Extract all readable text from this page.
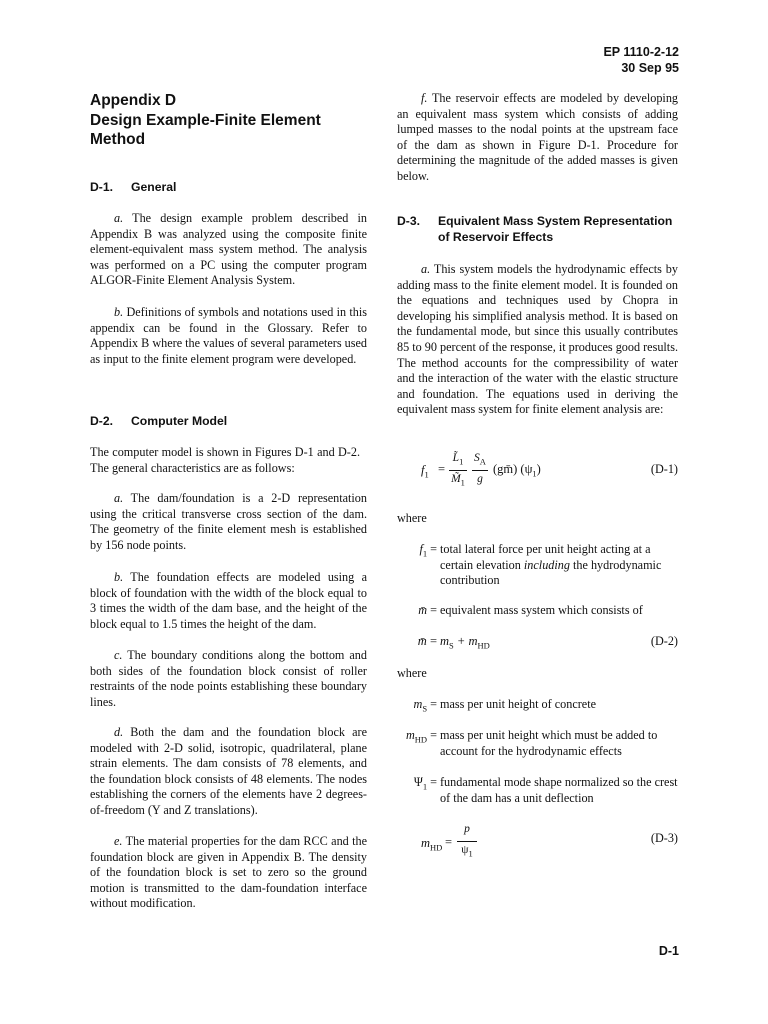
EP 1110-2-12
30 Sep 95
Appendix D
Design Example-Finite Element
Method
D-1. General

a. The design example problem described in Appendix B was analyzed using the composite finite element-equivalent mass system method. The analysis was performed on a PC using the computer program ALGOR-Finite Element Analysis System.

b. Definitions of symbols and notations used in this appendix can be found in the Glossary. Refer to Appendix B where the values of several parameters used as input to the finite element program were developed.

D-2. Computer Model

The computer model is shown in Figures D-1 and D-2. The general characteristics are as follows:

a. The dam/foundation is a 2-D representation using the critical transverse cross section of the dam. The geometry of the finite element mesh is established by 156 node points.

b. The foundation effects are modeled using a block of foundation with the width of the block equal to 3 times the width of the dam base, and the height of the block equal to 1.5 times the height of the dam.

c. The boundary conditions along the bottom and both sides of the foundation block consist of roller restraints of the node points establishing these boundary lines.

d. Both the dam and the foundation block are modeled with 2-D solid, isotropic, quadrilateral, plane strain elements. The dam consists of 78 elements, and the foundation block consists of 48 elements. The nodes establishing the corners of the elements have 2 degrees-of-freedom (Y and Z translations).

e. The material properties for the dam RCC and the foundation block are given in Appendix B. The density of the foundation block is set to zero so the ground motion is transmitted to the dam-foundation interface without modification.

f. The reservoir effects are modeled by developing an equivalent mass system which consists of adding lumped masses to the nodal points at the upstream face of the dam as shown in Figure D-1. Procedure for determining the magnitude of the added masses is given below.

D-3. Equivalent Mass System Representation of Reservoir Effects

a. This system models the hydrodynamic effects by adding mass to the finite element model. It is founded on the equations and techniques used by Chopra in developing his simplified analysis method. It is based on the fundamental mode, but since this usually contributes 85 to 90 percent of the response, it produces good results. The method accounts for the compressibility of water and the interaction of the water with the elastic structure and foundation. The equations used in deriving the equivalent mass system for finite element analysis are:

$f_1$ =
$L̃_1$
$M̃_1$
$S_A$
g
(gm̄) $(\psi_1)$	(D-1)
where
$f_1$ = total lateral force per unit height acting at a certain elevation including the hydrodynamic contribution
m̄ = equivalent mass system which consists of
m̄ = $m_S + m_{HD}$	(D-2)
where
$m_S$ = mass per unit height of concrete
$m_{HD}$ = mass per unit height which must be added to account for the hydrodynamic effects
$\Psi_1$ = fundamental mode shape normalized so the crest of the dam has a unit deflection
$m_{HD}$ =
p
$\psi_1$
(D-3)
D-1
